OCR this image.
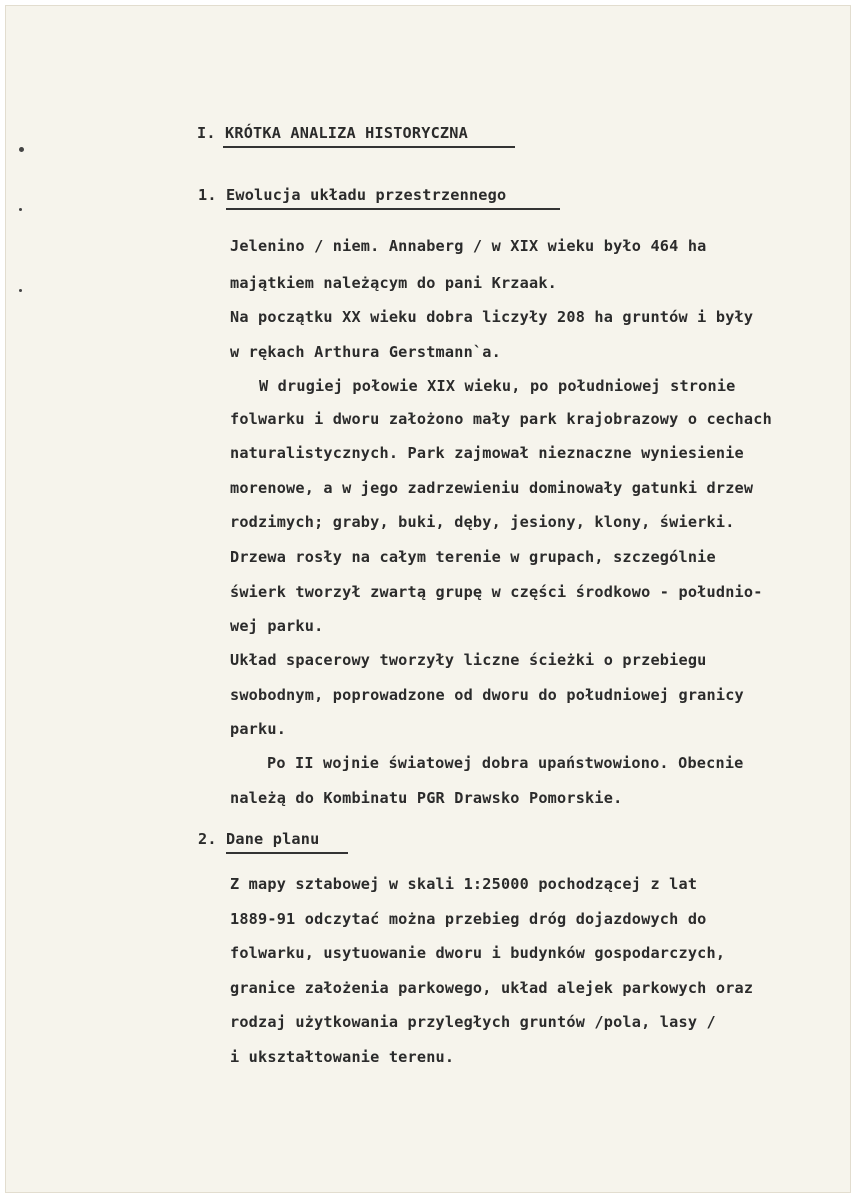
I. KRÓTKA ANALIZA HISTORYCZNA
1. Ewolucja układu przestrzennego
Jelenino / niem. Annaberg / w XIX wieku było 464 ha
majątkiem należącym do pani Krzaak.
Na początku XX wieku dobra liczyły 208 ha gruntów i były
w rękach Arthura Gerstmann`a.
W drugiej połowie XIX wieku, po południowej stronie
folwarku i dworu założono mały park krajobrazowy o cechach
naturalistycznych. Park zajmował nieznaczne wyniesienie
morenowe, a w jego zadrzewieniu dominowały gatunki drzew
rodzimych; graby, buki, dęby, jesiony, klony, świerki.
Drzewa rosły na całym terenie w grupach, szczególnie
świerk tworzył zwartą grupę w części środkowo - południo-
wej parku.
Układ spacerowy tworzyły liczne ścieżki o przebiegu
swobodnym, poprowadzone od dworu do południowej granicy
parku.
Po II wojnie światowej dobra upaństwowiono. Obecnie
należą do Kombinatu PGR Drawsko Pomorskie.
2. Dane planu
Z mapy sztabowej w skali 1:25000 pochodzącej z lat
1889-91 odczytać można przebieg dróg dojazdowych do
folwarku, usytuowanie dworu i budynków gospodarczych,
granice założenia parkowego, układ alejek parkowych oraz
rodzaj użytkowania przyległych gruntów /pola, lasy /
i ukształtowanie terenu.
